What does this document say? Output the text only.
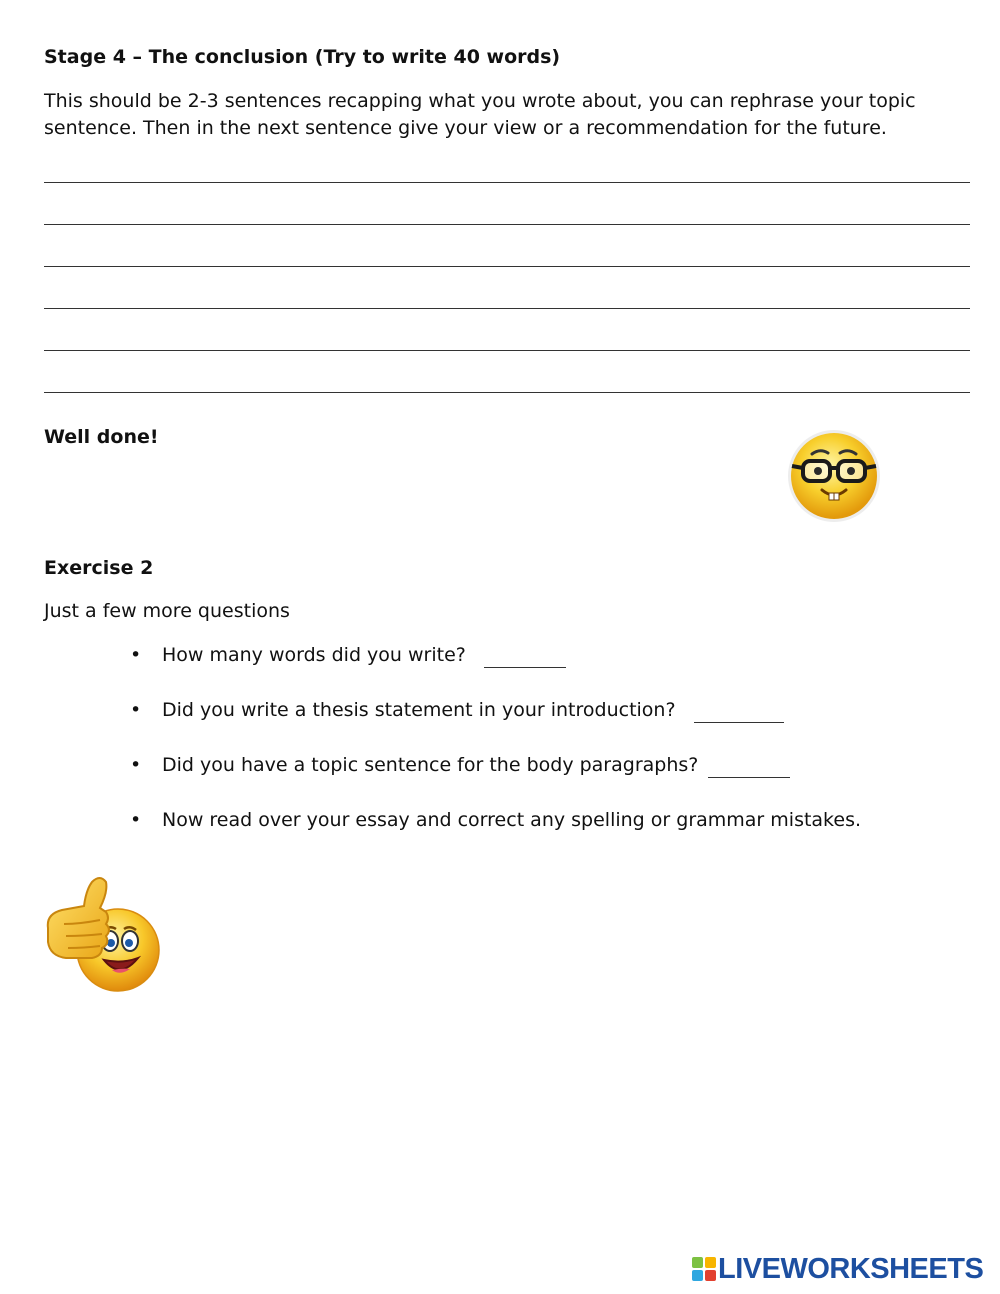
Stage 4 – The conclusion (Try to write 40 words)
This should be 2-3 sentences recapping what you wrote about, you can rephrase your topic
sentence. Then in the next sentence give your view or a recommendation for the future.
Well done!
Exercise 2
Just a few more questions
• How many words did you write?
• Did you write a thesis statement in your introduction?
• Did you have a topic sentence for the body paragraphs?
• Now read over your essay and correct any spelling or grammar mistakes.
LIVEWORKSHEETS
